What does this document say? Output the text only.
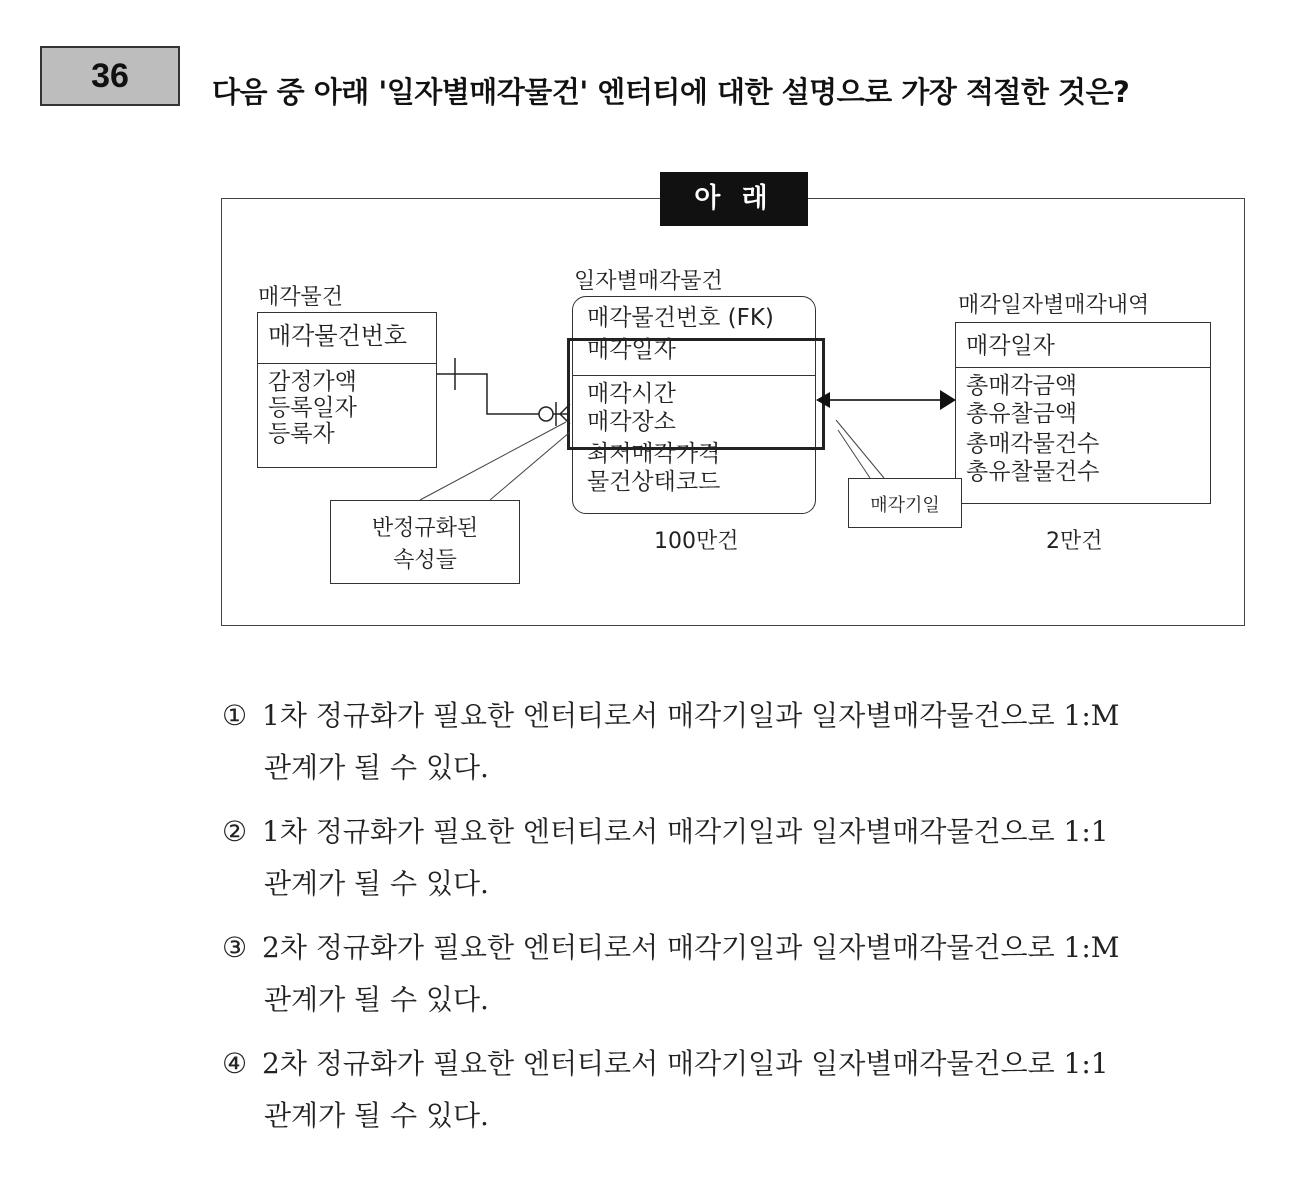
36	다음 중 아래 '일자별매각물건' 엔터티에 대한 설명으로 가장 적절한 것은?
아 래
매각물건
매각물건번호
감정가액
등록일자
등록자
일자별매각물건
매각물건번호 (FK)
매각일자
매각시간
매각장소
최저매각가격
물건상태코드
100만건
매각일자별매각내역
매각일자
총매각금액
총유찰금액
총매각물건수
총유찰물건수
2만건
반정규화된
속성들
매각기일
① 1차 정규화가 필요한 엔터티로서 매각기일과 일자별매각물건으로 1:M
관계가 될 수 있다.
② 1차 정규화가 필요한 엔터티로서 매각기일과 일자별매각물건으로 1:1
관계가 될 수 있다.
③ 2차 정규화가 필요한 엔터티로서 매각기일과 일자별매각물건으로 1:M
관계가 될 수 있다.
④ 2차 정규화가 필요한 엔터티로서 매각기일과 일자별매각물건으로 1:1
관계가 될 수 있다.
